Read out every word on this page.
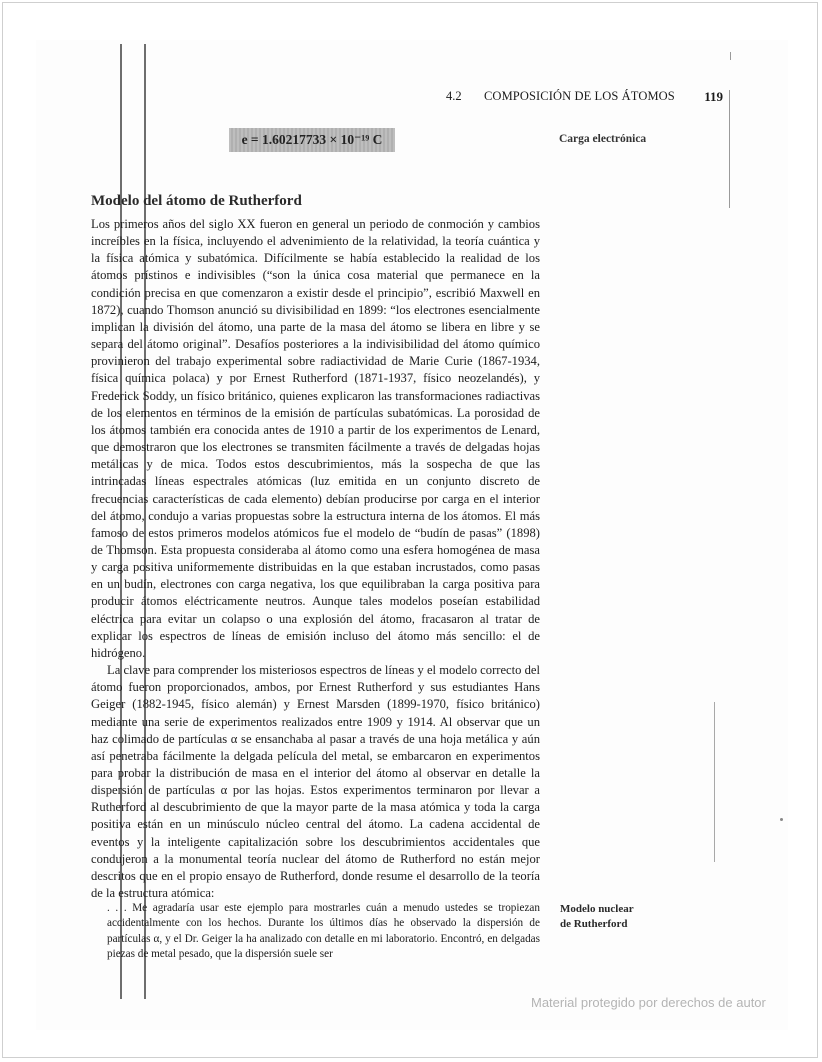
4.2 COMPOSICIÓN DE LOS ÁTOMOS 119
e = 1.60217733 × 10⁻¹⁹ C	Carga electrónica
Modelo del átomo de Rutherford

Los primeros años del siglo XX fueron en general un periodo de conmoción y cambios increíbles en la física, incluyendo el advenimiento de la relatividad, la teoría cuántica y la física atómica y subatómica. Difícilmente se había establecido la realidad de los átomos prístinos e indivisibles (“son la única cosa material que permanece en la condición precisa en que comenzaron a existir desde el principio”, escribió Maxwell en 1872), cuando Thomson anunció su divisibilidad en 1899: “los electrones esencialmente implican la división del átomo, una parte de la masa del átomo se libera en libre y se separa del átomo original”. Desafíos posteriores a la indivisibilidad del átomo químico provinieron del trabajo experimental sobre radiactividad de Marie Curie (1867-1934, física química polaca) y por Ernest Rutherford (1871-1937, físico neozelandés), y Frederick Soddy, un físico británico, quienes explicaron las transformaciones radiactivas de los elementos en términos de la emisión de partículas subatómicas. La porosidad de los átomos también era conocida antes de 1910 a partir de los experimentos de Lenard, que demostraron que los electrones se transmiten fácilmente a través de delgadas hojas metálicas y de mica. Todos estos descubrimientos, más la sospecha de que las intrincadas líneas espectrales atómicas (luz emitida en un conjunto discreto de frecuencias características de cada elemento) debían producirse por carga en el interior del átomo, condujo a varias propuestas sobre la estructura interna de los átomos. El más famoso de estos primeros modelos atómicos fue el modelo de “budín de pasas” (1898) de Thomson. Esta propuesta consideraba al átomo como una esfera homogénea de masa y carga positiva uniformemente distribuidas en la que estaban incrustados, como pasas en un budín, electrones con carga negativa, los que equilibraban la carga positiva para producir átomos eléctricamente neutros. Aunque tales modelos poseían estabilidad eléctrica para evitar un colapso o una explosión del átomo, fracasaron al tratar de explicar los espectros de líneas de emisión incluso del átomo más sencillo: el de hidrógeno.

La clave para comprender los misteriosos espectros de líneas y el modelo correcto del átomo fueron proporcionados, ambos, por Ernest Rutherford y sus estudiantes Hans Geiger (1882-1945, físico alemán) y Ernest Marsden (1899-1970, físico británico) mediante una serie de experimentos realizados entre 1909 y 1914. Al observar que un haz colimado de partículas α se ensanchaba al pasar a través de una hoja metálica y aún así penetraba fácilmente la delgada película del metal, se embarcaron en experimentos para probar la distribución de masa en el interior del átomo al observar en detalle la dispersión de partículas α por las hojas. Estos experimentos terminaron por llevar a Rutherford al descubrimiento de que la mayor parte de la masa atómica y toda la carga positiva están en un minúsculo núcleo central del átomo. La cadena accidental de eventos y la inteligente capitalización sobre los descubrimientos accidentales que condujeron a la monumental teoría nuclear del átomo de Rutherford no están mejor descritos que en el propio ensayo de Rutherford, donde resume el desarrollo de la teoría de la estructura atómica:

. . . Me agradaría usar este ejemplo para mostrarles cuán a menudo ustedes se tropiezan accidentalmente con los hechos. Durante los últimos días he observado la dispersión de partículas α, y el Dr. Geiger la ha analizado con detalle en mi laboratorio. Encontró, en delgadas piezas de metal pesado, que la dispersión suele ser

Modelo nuclear
de Rutherford
Material protegido por derechos de autor
